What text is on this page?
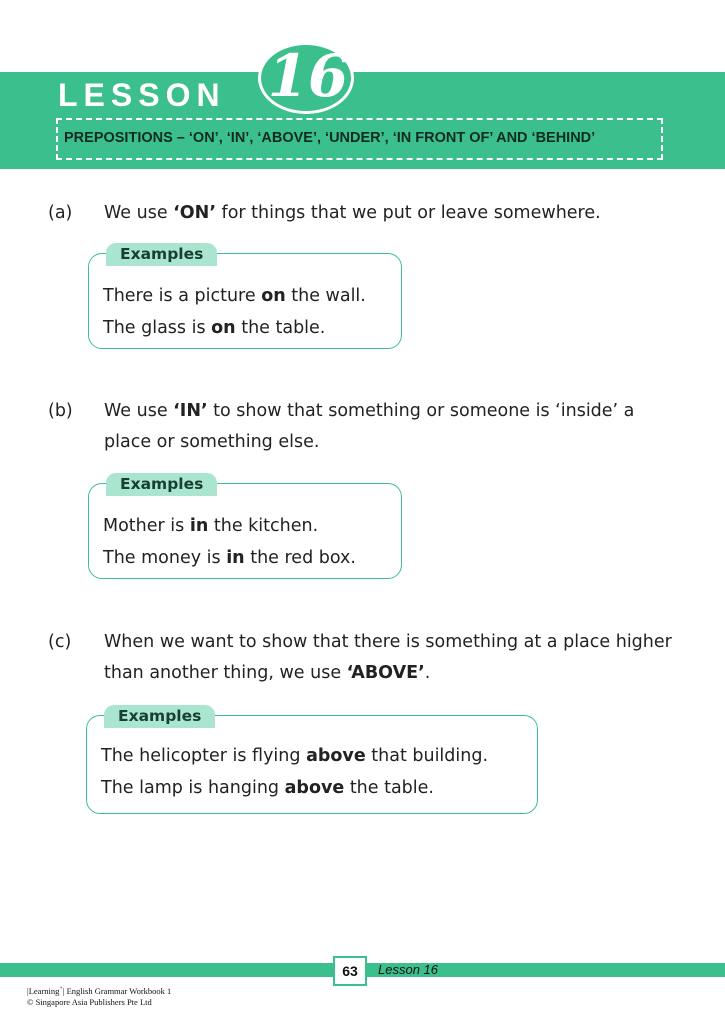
LESSON 16
PREPOSITIONS – ‘ON’, ‘IN’, ‘ABOVE’, ‘UNDER’, ‘IN FRONT OF’ AND ‘BEHIND’
(a) We use ‘ON’ for things that we put or leave somewhere.
Examples
There is a picture on the wall.
The glass is on the table.
(b) We use ‘IN’ to show that something or someone is ‘inside’ a place or something else.
Examples
Mother is in the kitchen.
The money is in the red box.
(c) When we want to show that there is something at a place higher than another thing, we use ‘ABOVE’.
Examples
The helicopter is flying above that building.
The lamp is hanging above the table.
63	Lesson 16
|Learning+| English Grammar Workbook 1
© Singapore Asia Publishers Pte Ltd
